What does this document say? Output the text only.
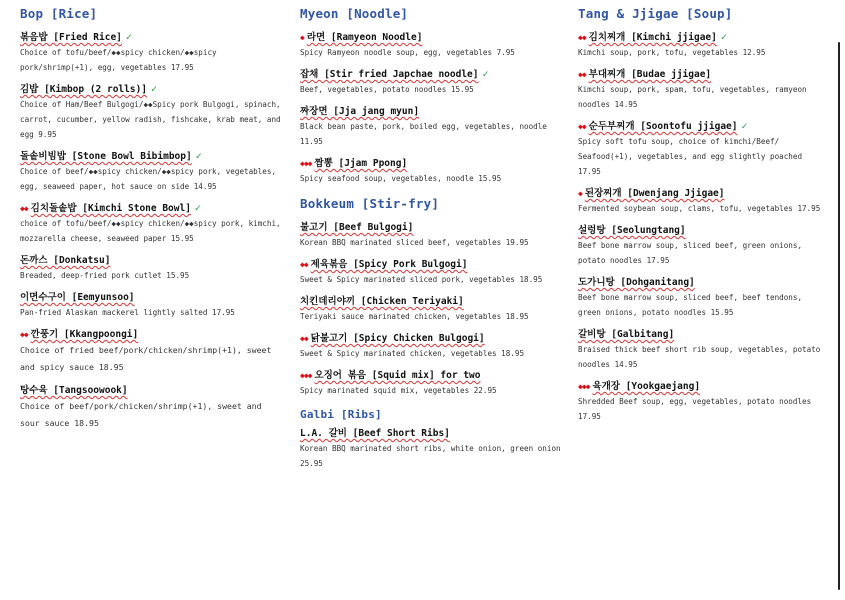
Bop [Rice]
볶음밥 [Fried Rice] ✓
Choice of tofu/beef/◆◆spicy chicken/◆◆spicy pork/shrimp(+1), egg, vegetables 17.95
김밥 [Kimbop (2 rolls)] ✓
Choice of Ham/Beef Bulgogi/◆◆Spicy pork Bulgogi, spinach, carrot, cucumber, yellow radish, fishcake, krab meat, and egg 9.95
돌솥비빔밥 [Stone Bowl Bibimbop] ✓
Choice of beef/◆◆spicy chicken/◆◆spicy pork, vegetables, egg, seaweed paper, hot sauce on side 14.95
◆◆ 김치돌솥밥 [Kimchi Stone Bowl] ✓
choice of tofu/beef/◆◆spicy chicken/◆◆spicy pork, kimchi, mozzarella cheese, seaweed paper 15.95
돈까스 [Donkatsu]
Breaded, deep-fried pork cutlet 15.95
이면수구이 [Eemyunsoo]
Pan-fried Alaskan mackerel lightly salted 17.95
◆◆ 깐풍기 [Kkangpoongi]
Choice of fried beef/pork/chicken/shrimp(+1), sweet and spicy sauce 18.95
탕수육 [Tangsoowook]
Choice of beef/pork/chicken/shrimp(+1), sweet and sour sauce 18.95
Myeon [Noodle]
◆ 라면 [Ramyeon Noodle]
Spicy Ramyeon noodle soup, egg, vegetables 7.95
잡채 [Stir fried Japchae noodle] ✓
Beef, vegetables, potato noodles 15.95
짜장면 [Jja jang myun]
Black bean paste, pork, boiled egg, vegetables, noodle 11.95
◆◆◆ 짬뽕 [Jjam Ppong]
Spicy seafood soup, vegetables, noodle 15.95
Bokkeum [Stir-fry]
불고기 [Beef Bulgogi]
Korean BBQ marinated sliced beef, vegetables 19.95
◆◆ 제육볶음 [Spicy Pork Bulgogi]
Sweet & Spicy marinated sliced pork, vegetables 18.95
치킨데리야끼 [Chicken Teriyaki]
Teriyaki sauce marinated chicken, vegetables 18.95
◆◆ 닭불고기 [Spicy Chicken Bulgogi]
Sweet & Spicy marinated chicken, vegetables 18.95
◆◆◆ 오징어 볶음 [Squid mix] for two
Spicy marinated squid mix, vegetables 22.95
Galbi [Ribs]
L.A. 갈비 [Beef Short Ribs]
Korean BBQ marinated short ribs, white onion, green onion 25.95
Tang & Jjigae [Soup]
◆◆ 김치찌개 [Kimchi jjigae] ✓
Kimchi soup, pork, tofu, vegetables 12.95
◆◆ 부대찌개 [Budae jjigae]
Kimchi soup, pork, spam, tofu, vegetables, ramyeon noodles 14.95
◆◆ 순두부찌개 [Soontofu jjigae] ✓
Spicy soft tofu soup, choice of kimchi/Beef/ Seafood(+1), vegetables, and egg slightly poached 17.95
◆ 된장찌개 [Dwenjang Jjigae]
Fermented soybean soup, clams, tofu, vegetables 17.95
설렁탕 [Seolungtang]
Beef bone marrow soup, sliced beef, green onions, potato noodles 17.95
도가니탕 [Dohganitang]
Beef bone marrow soup, sliced beef, beef tendons, green onions, potato noodles 15.95
갈비탕 [Galbitang]
Braised thick beef short rib soup, vegetables, potato noodles 14.95
◆◆◆ 육개장 [Yookgaejang]
Shredded Beef soup, egg, vegetables, potato noodles 17.95
